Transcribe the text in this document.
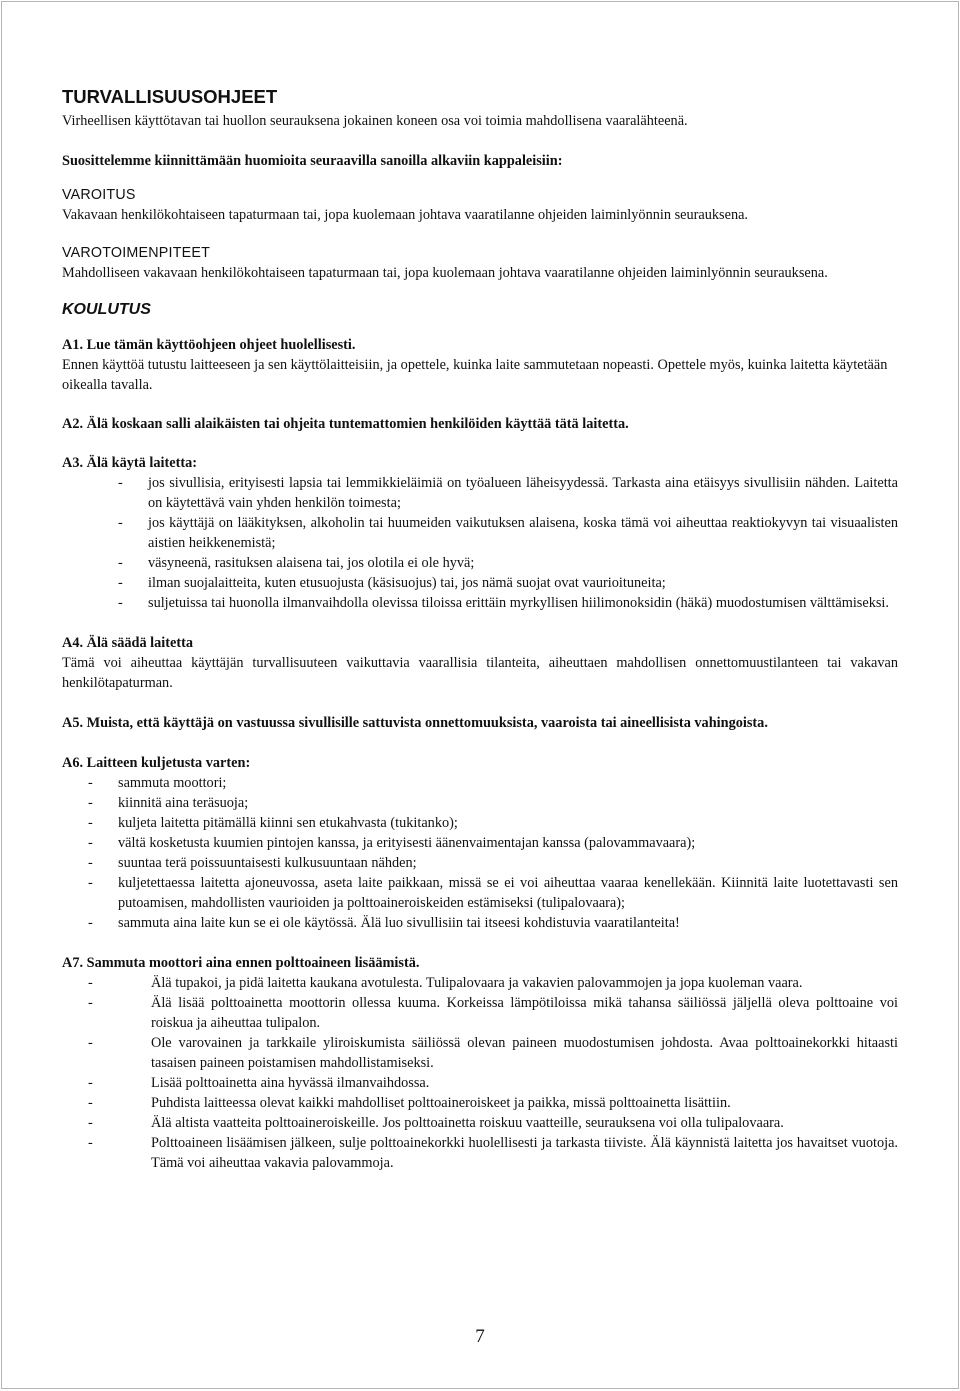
TURVALLISUUSOHJEET

Virheellisen käyttötavan tai huollon seurauksena jokainen koneen osa voi toimia mahdollisena vaaralähteenä.

Suosittelemme kiinnittämään huomioita seuraavilla sanoilla alkaviin kappaleisiin:

VAROITUS

Vakavaan henkilökohtaiseen tapaturmaan tai, jopa kuolemaan johtava vaaratilanne ohjeiden laiminlyönnin seurauksena.

VAROTOIMENPITEET

Mahdolliseen vakavaan henkilökohtaiseen tapaturmaan tai, jopa kuolemaan johtava vaaratilanne ohjeiden laiminlyönnin seurauksena.

KOULUTUS

A1. Lue tämän käyttöohjeen ohjeet huolellisesti.

Ennen käyttöä tutustu laitteeseen ja sen käyttölaitteisiin, ja opettele, kuinka laite sammutetaan nopeasti. Opettele myös, kuinka laitetta käytetään oikealla tavalla.

A2. Älä koskaan salli alaikäisten tai ohjeita tuntemattomien henkilöiden käyttää tätä laitetta.

A3. Älä käytä laitetta:

- jos sivullisia, erityisesti lapsia tai lemmikkieläimiä on työalueen läheisyydessä. Tarkasta aina etäisyys sivullisiin nähden. Laitetta on käytettävä vain yhden henkilön toimesta;
- jos käyttäjä on lääkityksen, alkoholin tai huumeiden vaikutuksen alaisena, koska tämä voi aiheuttaa reaktiokyvyn tai visuaalisten aistien heikkenemistä;
- väsyneenä, rasituksen alaisena tai, jos olotila ei ole hyvä;
- ilman suojalaitteita, kuten etusuojusta (käsisuojus) tai, jos nämä suojat ovat vaurioituneita;
- suljetuissa tai huonolla ilmanvaihdolla olevissa tiloissa erittäin myrkyllisen hiilimonoksidin (häkä) muodostumisen välttämiseksi.

A4. Älä säädä laitetta

Tämä voi aiheuttaa käyttäjän turvallisuuteen vaikuttavia vaarallisia tilanteita, aiheuttaen mahdollisen onnettomuustilanteen tai vakavan henkilötapaturman.

A5. Muista, että käyttäjä on vastuussa sivullisille sattuvista onnettomuuksista, vaaroista tai aineellisista vahingoista.

A6. Laitteen kuljetusta varten:

- sammuta moottori;
- kiinnitä aina teräsuoja;
- kuljeta laitetta pitämällä kiinni sen etukahvasta (tukitanko);
- vältä kosketusta kuumien pintojen kanssa, ja erityisesti äänenvaimentajan kanssa (palovammavaara);
- suuntaa terä poissuuntaisesti kulkusuuntaan nähden;
- kuljetettaessa laitetta ajoneuvossa, aseta laite paikkaan, missä se ei voi aiheuttaa vaaraa kenellekään. Kiinnitä laite luotettavasti sen putoamisen, mahdollisten vaurioiden ja polttoaineroiskeiden estämiseksi (tulipalovaara);
- sammuta aina laite kun se ei ole käytössä. Älä luo sivullisiin tai itseesi kohdistuvia vaaratilanteita!

A7. Sammuta moottori aina ennen polttoaineen lisäämistä.

- Älä tupakoi, ja pidä laitetta kaukana avotulesta. Tulipalovaara ja vakavien palovammojen ja jopa kuoleman vaara.
- Älä lisää polttoainetta moottorin ollessa kuuma. Korkeissa lämpötiloissa mikä tahansa säiliössä jäljellä oleva polttoaine voi roiskua ja aiheuttaa tulipalon.
- Ole varovainen ja tarkkaile yliroiskumista säiliössä olevan paineen muodostumisen johdosta. Avaa polttoainekorkki hitaasti tasaisen paineen poistamisen mahdollistamiseksi.
- Lisää polttoainetta aina hyvässä ilmanvaihdossa.
- Puhdista laitteessa olevat kaikki mahdolliset polttoaineroiskeet ja paikka, missä polttoainetta lisättiin.
- Älä altista vaatteita polttoaineroiskeille. Jos polttoainetta roiskuu vaatteille, seurauksena voi olla tulipalovaara.
- Polttoaineen lisäämisen jälkeen, sulje polttoainekorkki huolellisesti ja tarkasta tiiviste. Älä käynnistä laitetta jos havaitset vuotoja. Tämä voi aiheuttaa vakavia palovammoja.
7
